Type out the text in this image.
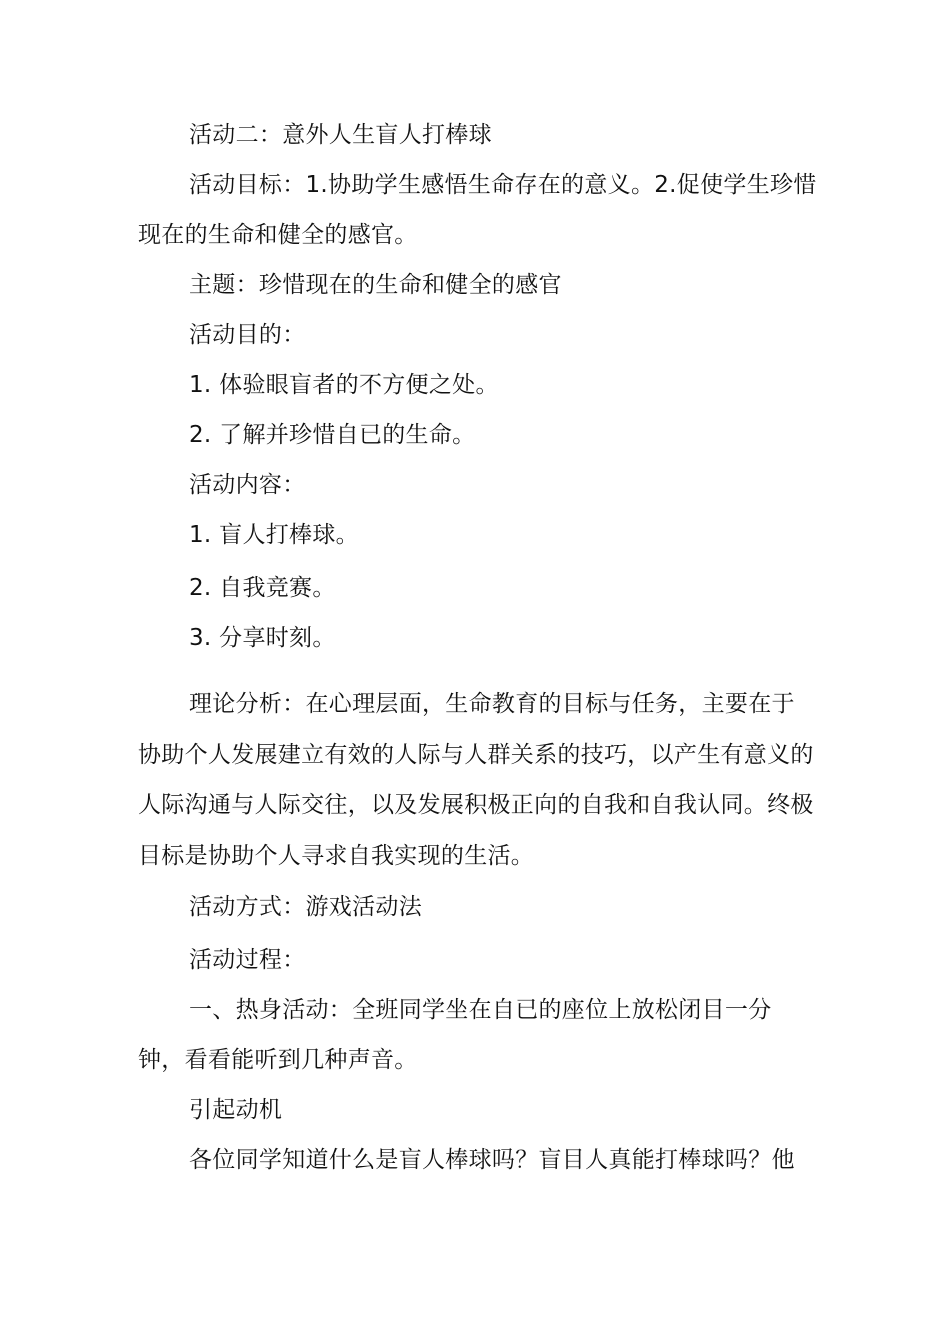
活动二：意外人生盲人打棒球

活动目标：1.协助学生感悟生命存在的意义。2.促使学生珍惜现在的生命和健全的感官。

主题：珍惜现在的生命和健全的感官

活动目的：

1. 体验眼盲者的不方便之处。

2. 了解并珍惜自已的生命。

活动内容：

1. 盲人打棒球。

2. 自我竞赛。

3. 分享时刻。

理论分析：在心理层面，生命教育的目标与任务，主要在于协助个人发展建立有效的人际与人群关系的技巧，以产生有意义的人际沟通与人际交往，以及发展积极正向的自我和自我认同。终极目标是协助个人寻求自我实现的生活。

活动方式：游戏活动法

活动过程：

一、热身活动：全班同学坐在自已的座位上放松闭目一分钟，看看能听到几种声音。

引起动机

各位同学知道什么是盲人棒球吗？盲目人真能打棒球吗？他
